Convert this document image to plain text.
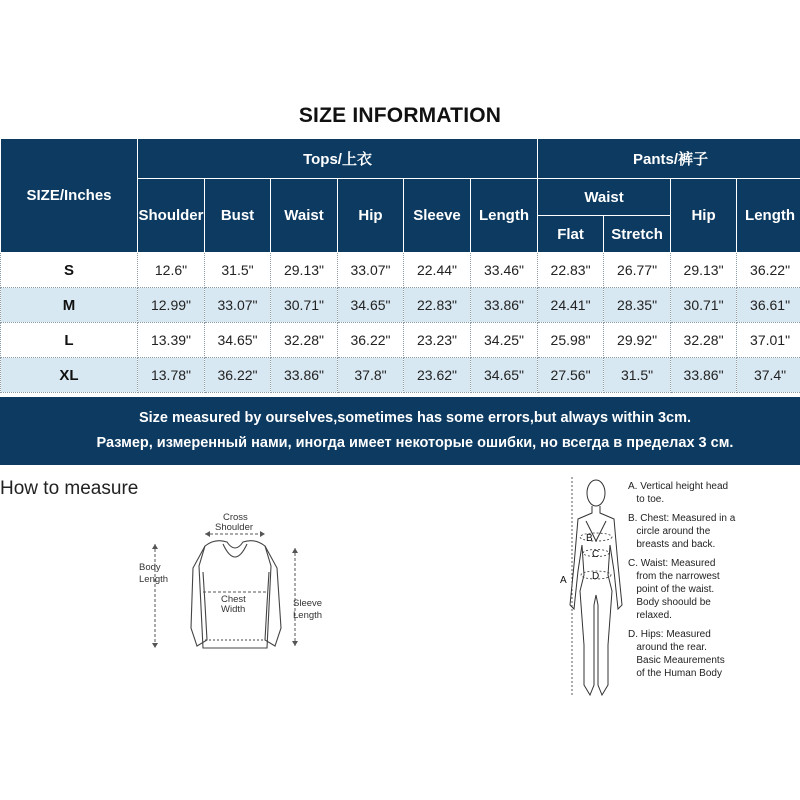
SIZE INFORMATION
SIZE/Inches	Tops/上衣						Pants/裤子			
	Shoulder	Bust	Waist	Hip	Sleeve	Length	Waist		Hip	Length
							Flat	Stretch		
S	12.6"	31.5"	29.13"	33.07"	22.44"	33.46"	22.83"	26.77"	29.13"	36.22"
M	12.99"	33.07"	30.71"	34.65"	22.83"	33.86"	24.41"	28.35"	30.71"	36.61"
L	13.39"	34.65"	32.28"	36.22"	23.23"	34.25"	25.98"	29.92"	32.28"	37.01"
XL	13.78"	36.22"	33.86"	37.8"	23.62"	34.65"	27.56"	31.5"	33.86"	37.4"
Size measured by ourselves,sometimes has some errors,but always within 3cm.
Размер, измеренный нами, иногда имеет некоторые ошибки, но всегда в пределах 3 см.
How to measure
Cross
Shoulder
Body
Length
Chest
Width
Sleeve
Length
B
C
D
A

A. Vertical height head
to toe.

B. Chest: Measured in a
circle around the
breasts and back.

C. Waist: Measured
from the narrowest
point of the waist.
Body shoould be
relaxed.

D. Hips: Measured
around the rear.
Basic Meaurements
of the Human Body
